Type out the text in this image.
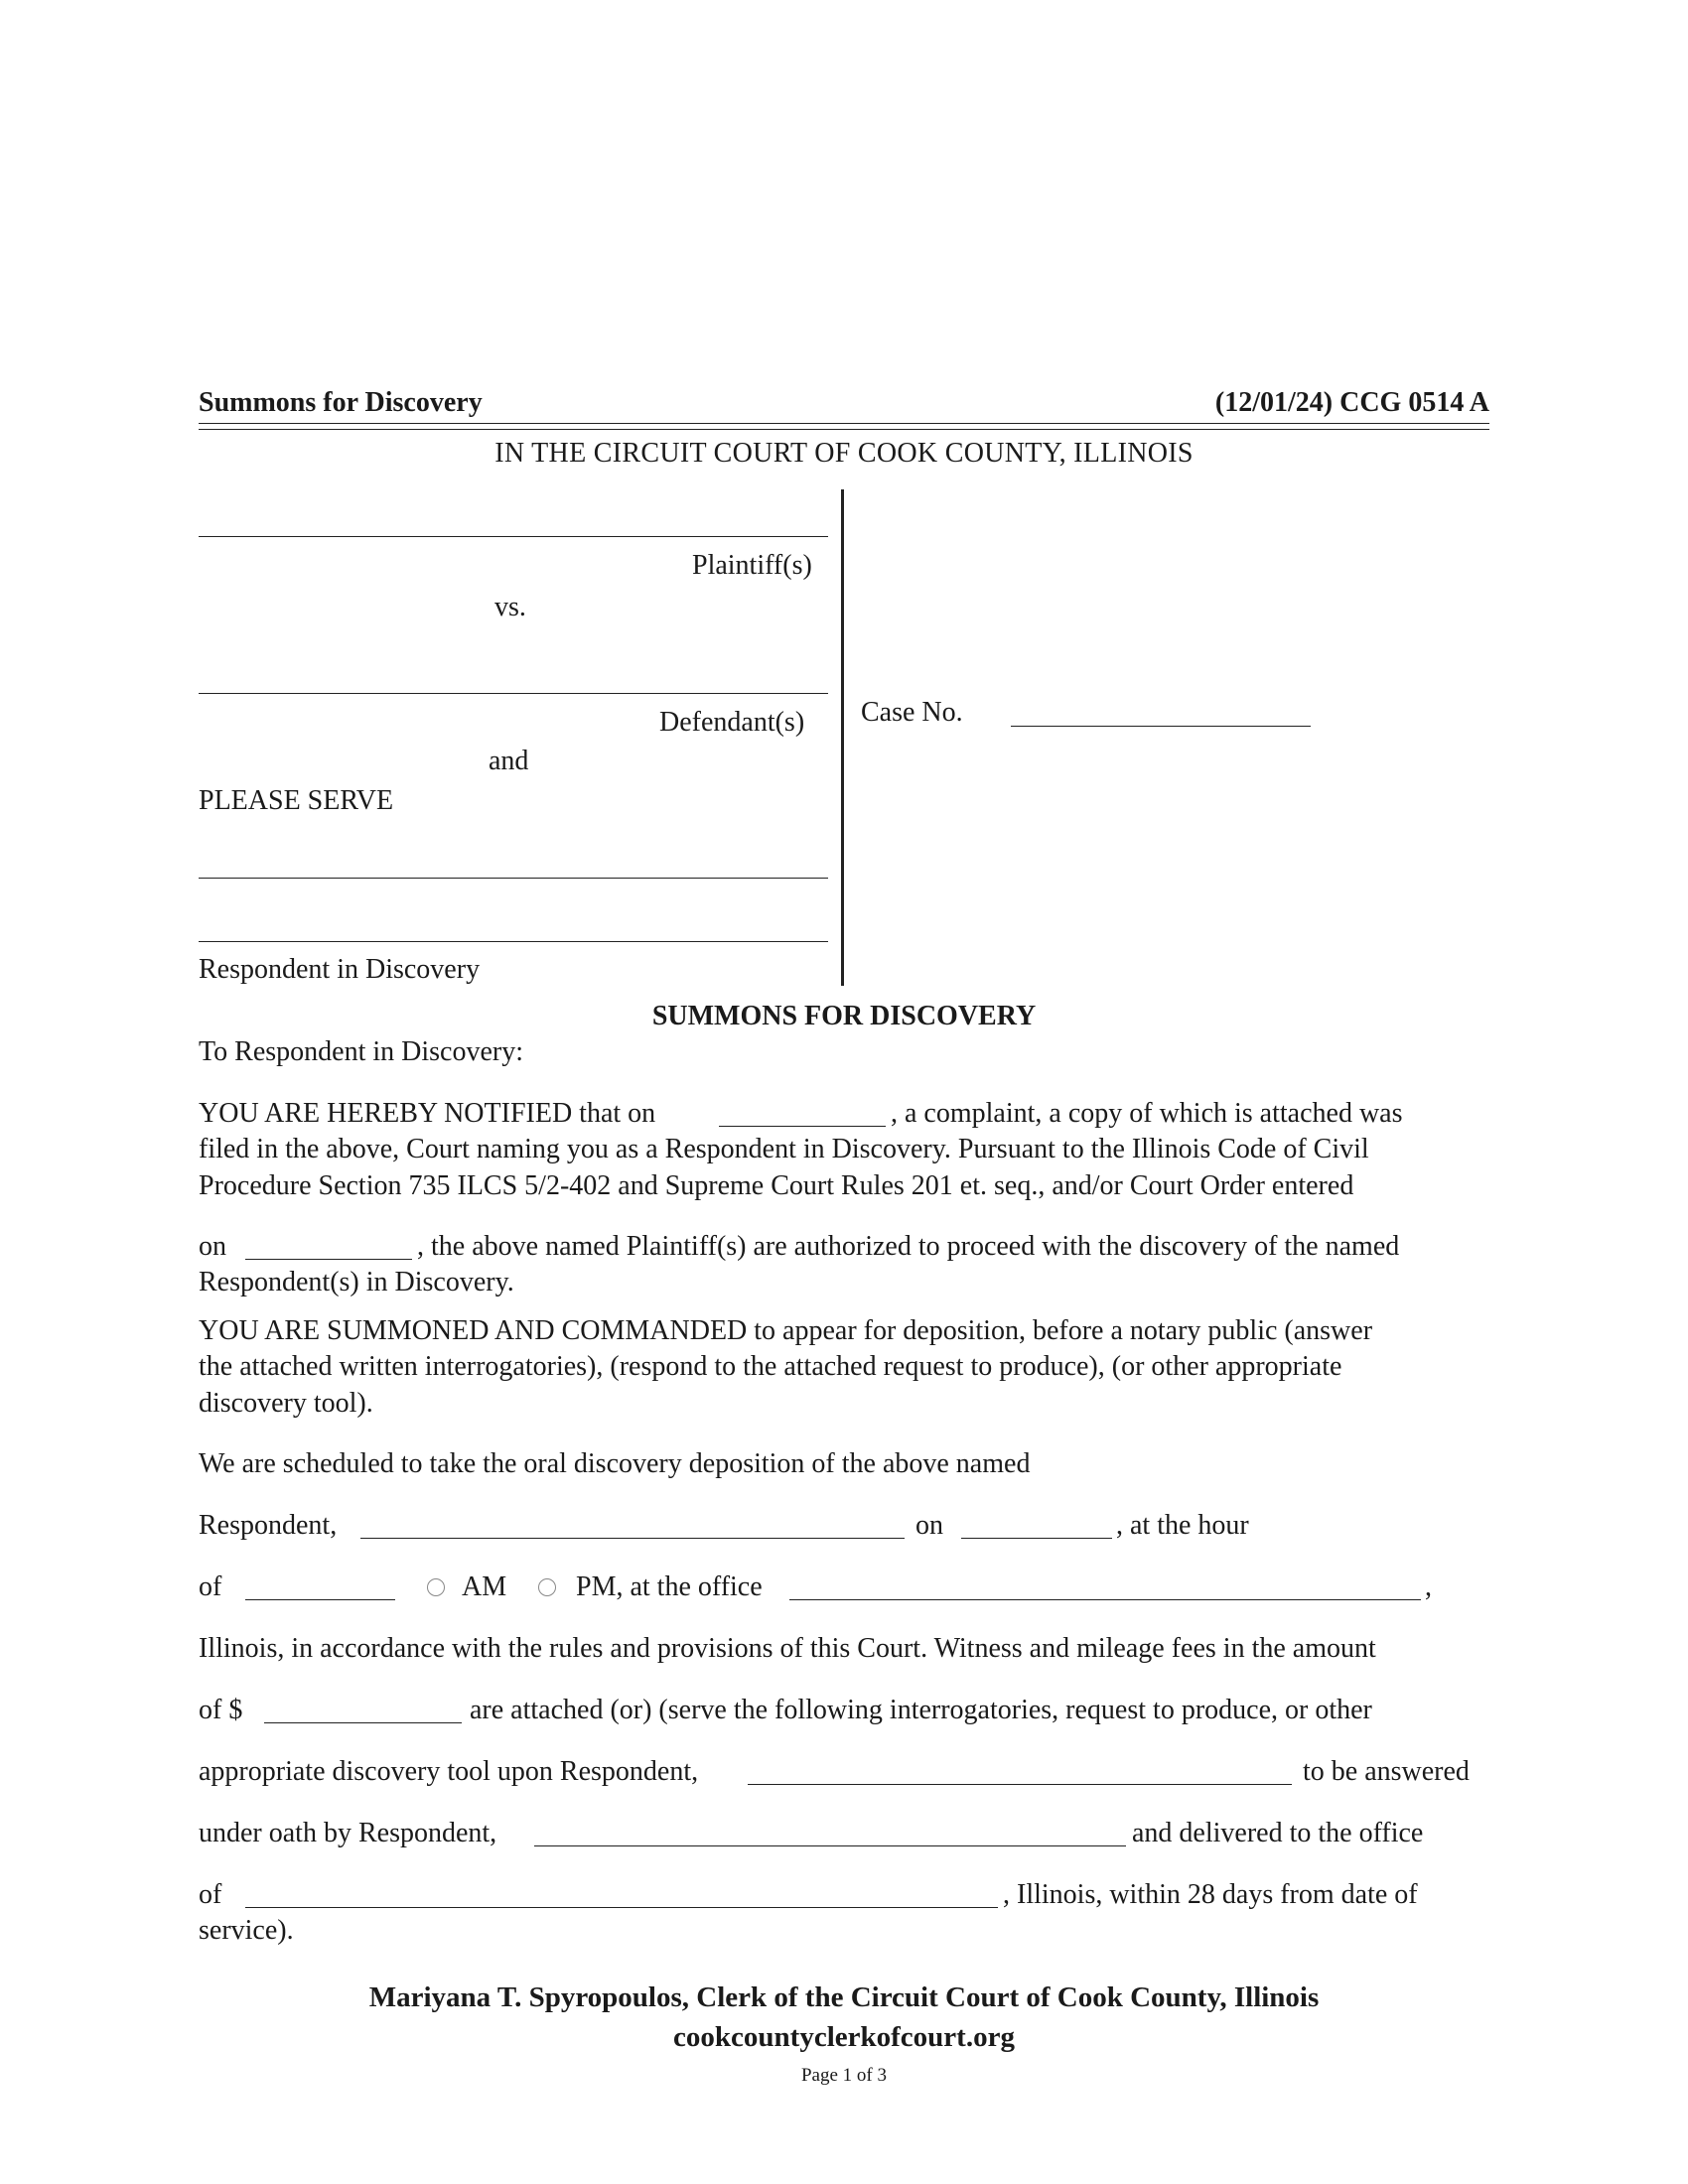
Summons for Discovery	(12/01/24) CCG 0514 A
IN THE CIRCUIT COURT OF COOK COUNTY, ILLINOIS
Plaintiff(s)
vs.
Defendant(s)
and
PLEASE SERVE
Respondent in Discovery
Case No.
SUMMONS FOR DISCOVERY
To Respondent in Discovery:
YOU ARE HEREBY NOTIFIED that on	, a complaint, a copy of which is attached was
filed in the above, Court naming you as a Respondent in Discovery. Pursuant to the Illinois Code of Civil
Procedure Section 735 ILCS 5/2-402 and Supreme Court Rules 201 et. seq., and/or Court Order entered
on	, the above named Plaintiff(s) are authorized to proceed with the discovery of the named
Respondent(s) in Discovery.
YOU ARE SUMMONED AND COMMANDED to appear for deposition, before a notary public (answer
the attached written interrogatories), (respond to the attached request to produce), (or other appropriate
discovery tool).
We are scheduled to take the oral discovery deposition of the above named
Respondent,	on	, at the hour
of	AM PM, at the office	,
Illinois, in accordance with the rules and provisions of this Court. Witness and mileage fees in the amount
of $	are attached (or) (serve the following interrogatories, request to produce, or other
appropriate discovery tool upon Respondent,	to be answered
under oath by Respondent,	and delivered to the office
of	, Illinois, within 28 days from date of
service).
Mariyana T. Spyropoulos, Clerk of the Circuit Court of Cook County, Illinois
cookcountyclerkofcourt.org
Page 1 of 3
